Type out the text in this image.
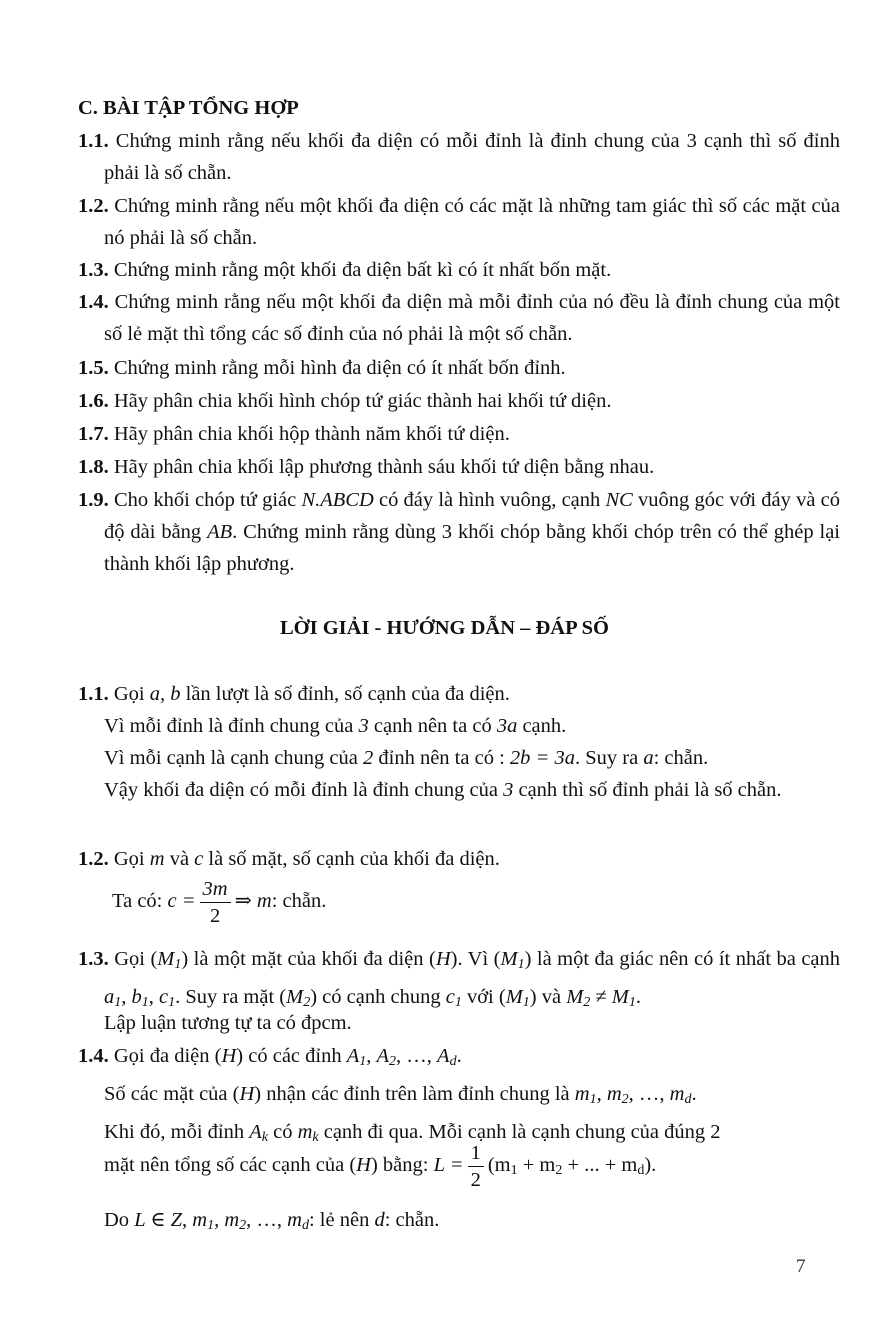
C. BÀI TẬP TỔNG HỢP
1.1. Chứng minh rằng nếu khối đa diện có mỗi đỉnh là đỉnh chung của 3 cạnh thì số đỉnh phải là số chẵn.
1.2. Chứng minh rằng nếu một khối đa diện có các mặt là những tam giác thì số các mặt của nó phải là số chẵn.
1.3. Chứng minh rằng một khối đa diện bất kì có ít nhất bốn mặt.
1.4. Chứng minh rằng nếu một khối đa diện mà mỗi đỉnh của nó đều là đỉnh chung của một số lẻ mặt thì tổng các số đỉnh của nó phải là một số chẵn.
1.5. Chứng minh rằng mỗi hình đa diện có ít nhất bốn đỉnh.
1.6. Hãy phân chia khối hình chóp tứ giác thành hai khối tứ diện.
1.7. Hãy phân chia khối hộp thành năm khối tứ diện.
1.8. Hãy phân chia khối lập phương thành sáu khối tứ diện bằng nhau.
1.9. Cho khối chóp tứ giác N.ABCD có đáy là hình vuông, cạnh NC vuông góc với đáy và có độ dài bằng AB. Chứng minh rằng dùng 3 khối chóp bằng khối chóp trên có thể ghép lại thành khối lập phương.
LỜI GIẢI - HƯỚNG DẪN – ĐÁP SỐ
1.1. Gọi a, b lần lượt là số đỉnh, số cạnh của đa diện.
Vì mỗi đỉnh là đỉnh chung của 3 cạnh nên ta có 3a cạnh.
Vì mỗi cạnh là cạnh chung của 2 đỉnh nên ta có : 2b = 3a. Suy ra a: chẵn.
Vậy khối đa diện có mỗi đỉnh là đỉnh chung của 3 cạnh thì số đỉnh phải là số chẵn.
1.2. Gọi m và c là số mặt, số cạnh của khối đa diện.
Ta có: $c = \frac{3m}{2}$ ⇒ m: chẵn.
1.3. Gọi $(M_1)$ là một mặt của khối đa diện (H). Vì $(M_1)$ là một đa giác nên có ít nhất ba cạnh $a_1$, $b_1$, $c_1$. Suy ra mặt $(M_2)$ có cạnh chung $c_1$ với $(M_1)$ và $M_2 \ne M_1$.
Lập luận tương tự ta có đpcm.
1.4. Gọi đa diện (H) có các đỉnh $A_1$, $A_2$, …, $A_d$.
Số các mặt của (H) nhận các đỉnh trên làm đỉnh chung là $m_1$, $m_2$, …, $m_d$.
Khi đó, mỗi đỉnh $A_k$ có $m_k$ cạnh đi qua. Mỗi cạnh là cạnh chung của đúng 2
mặt nên tổng số các cạnh của (H) bằng: $L = \frac{1}{2} (m_1 + m_2$ + ... + $m_d$).
Do L ∈ Z, $m_1$, $m_2$, …, $m_d$: lẻ nên d: chẵn.
7
